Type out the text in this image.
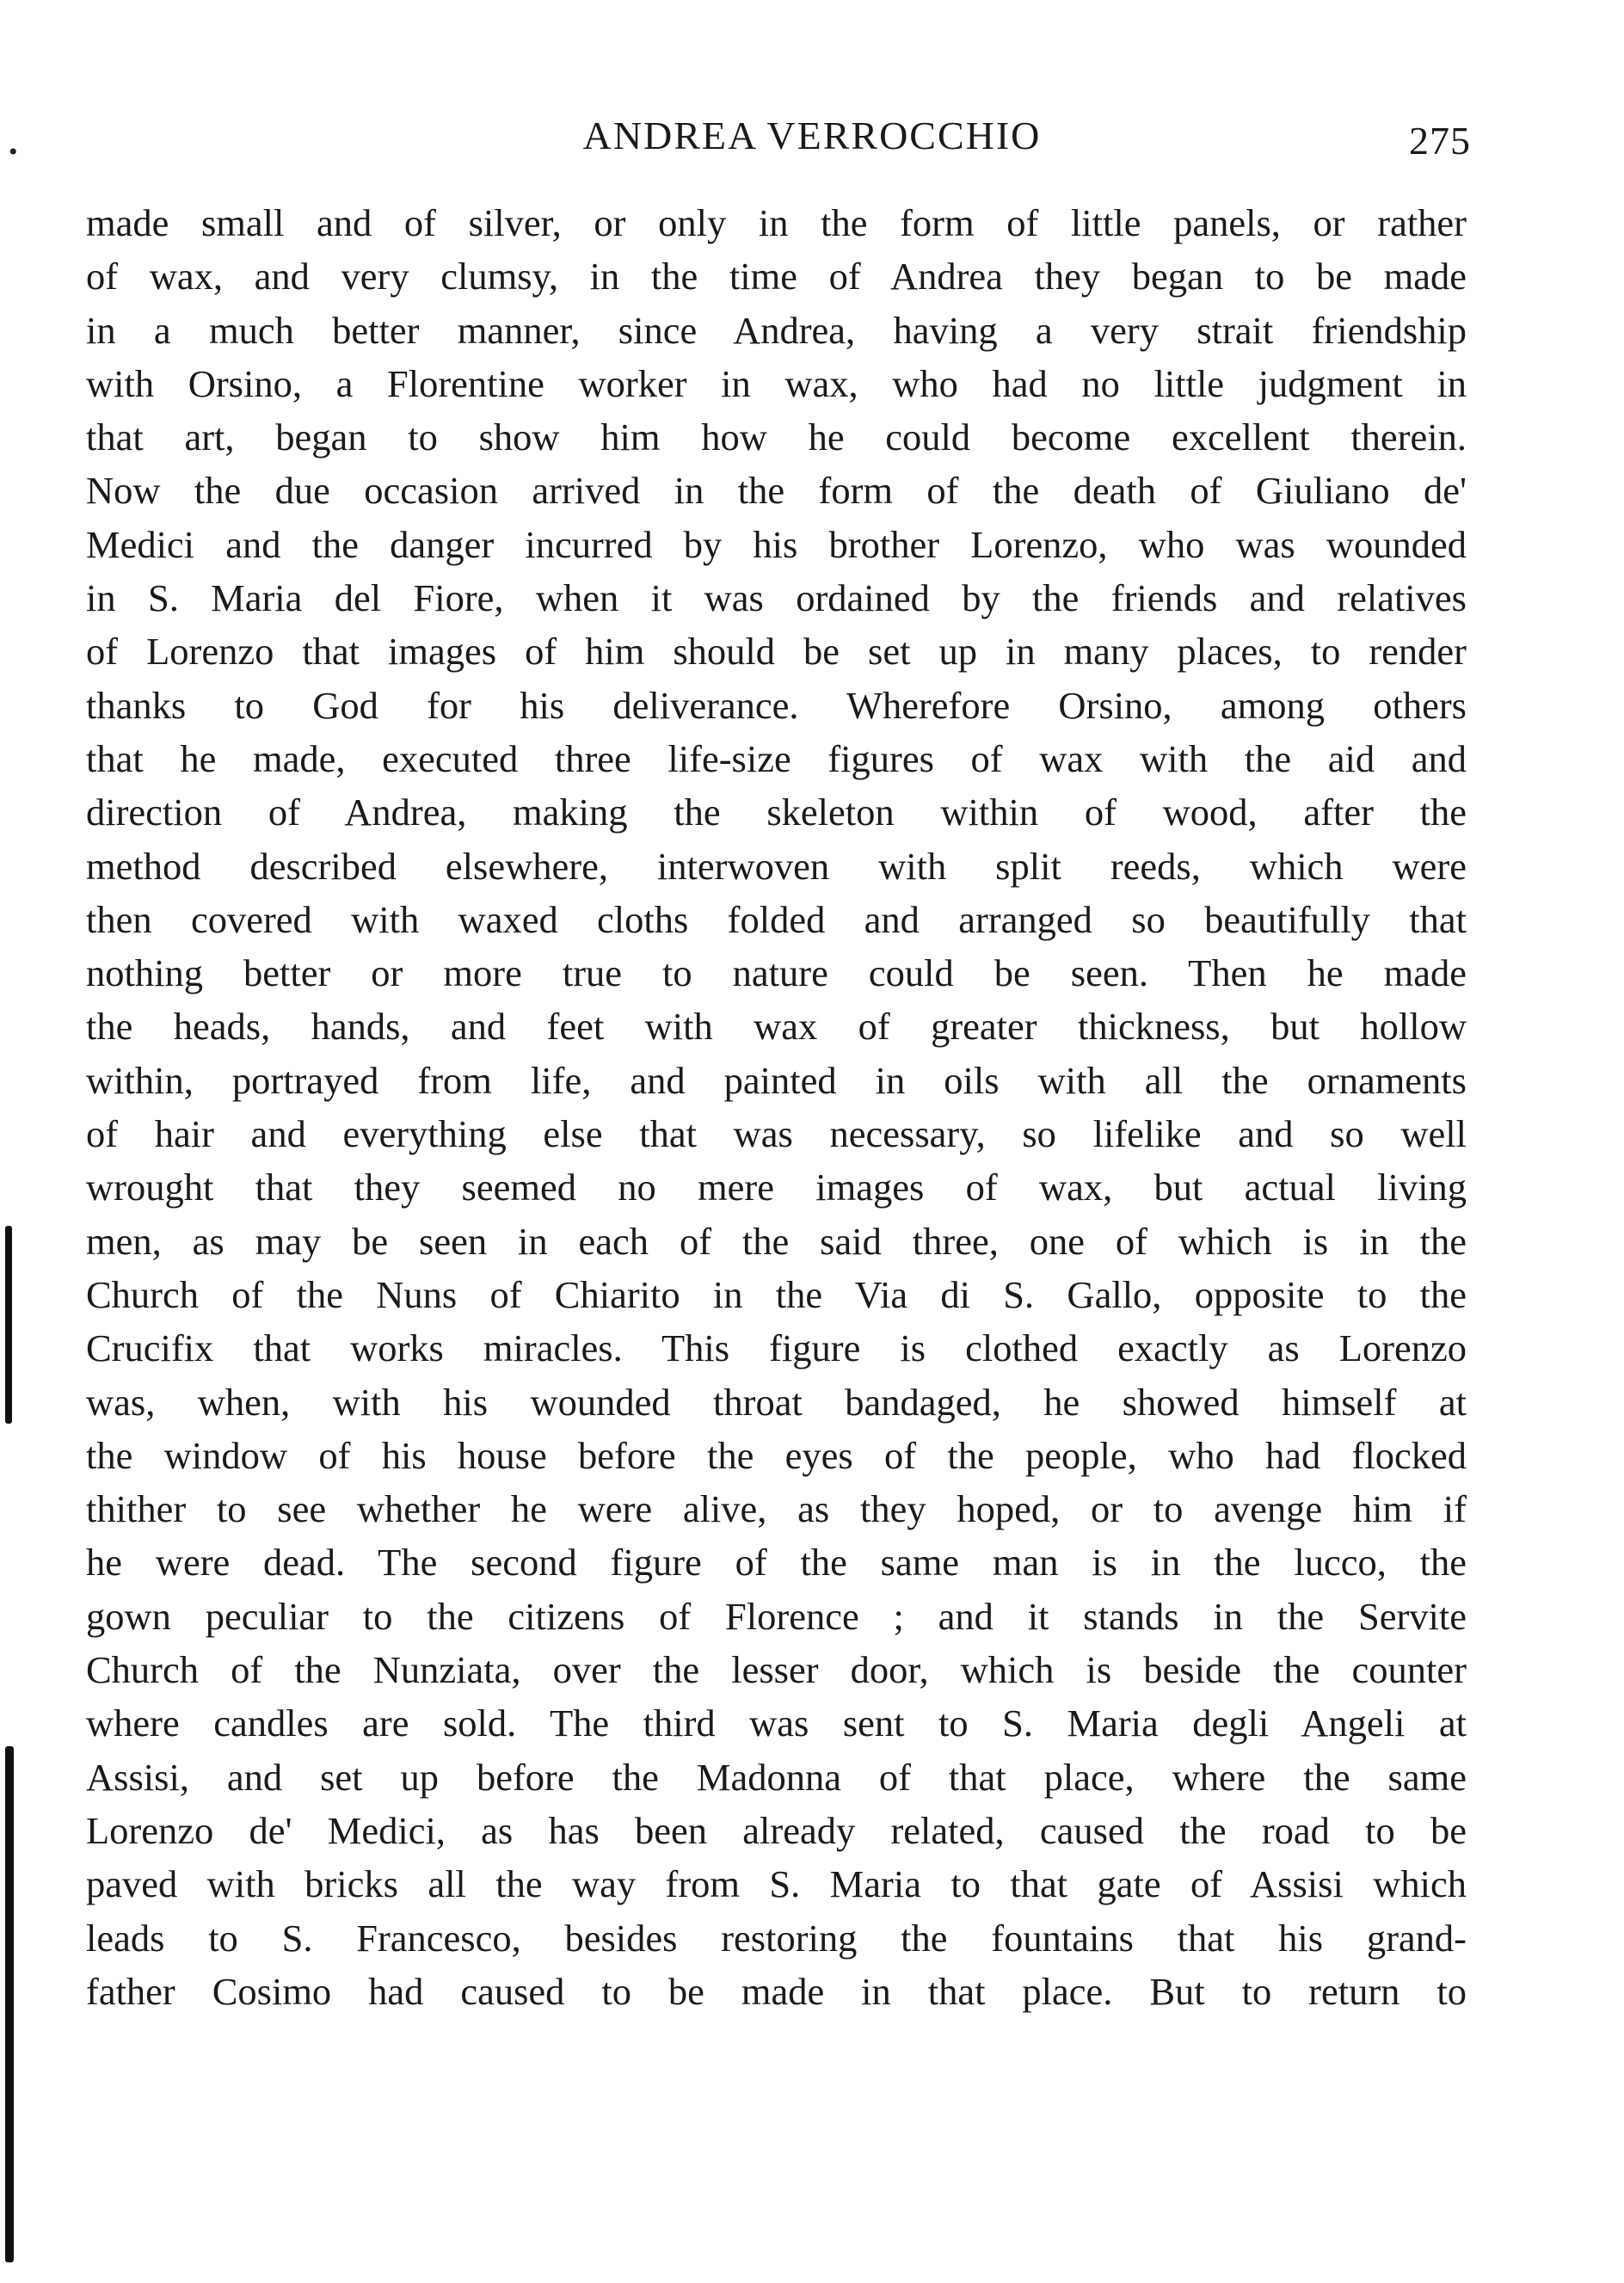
•	ANDREA VERROCCHIO	275
made small and of silver, or only in the form of little panels, or rather
of wax, and very clumsy, in the time of Andrea they began to be made
in a much better manner, since Andrea, having a very strait friendship
with Orsino, a Florentine worker in wax, who had no little judgment in
that art, began to show him how he could become excellent therein.
Now the due occasion arrived in the form of the death of Giuliano de'
Medici and the danger incurred by his brother Lorenzo, who was wounded
in S. Maria del Fiore, when it was ordained by the friends and relatives
of Lorenzo that images of him should be set up in many places, to render
thanks to God for his deliverance. Wherefore Orsino, among others
that he made, executed three life-size figures of wax with the aid and
direction of Andrea, making the skeleton within of wood, after the
method described elsewhere, interwoven with split reeds, which were
then covered with waxed cloths folded and arranged so beautifully that
nothing better or more true to nature could be seen. Then he made
the heads, hands, and feet with wax of greater thickness, but hollow
within, portrayed from life, and painted in oils with all the ornaments
of hair and everything else that was necessary, so lifelike and so well
wrought that they seemed no mere images of wax, but actual living
men, as may be seen in each of the said three, one of which is in the
Church of the Nuns of Chiarito in the Via di S. Gallo, opposite to the
Crucifix that works miracles. This figure is clothed exactly as Lorenzo
was, when, with his wounded throat bandaged, he showed himself at
the window of his house before the eyes of the people, who had flocked
thither to see whether he were alive, as they hoped, or to avenge him if
he were dead. The second figure of the same man is in the lucco, the
gown peculiar to the citizens of Florence ; and it stands in the Servite
Church of the Nunziata, over the lesser door, which is beside the counter
where candles are sold. The third was sent to S. Maria degli Angeli at
Assisi, and set up before the Madonna of that place, where the same
Lorenzo de' Medici, as has been already related, caused the road to be
paved with bricks all the way from S. Maria to that gate of Assisi which
leads to S. Francesco, besides restoring the fountains that his grand-
father Cosimo had caused to be made in that place. But to return to
